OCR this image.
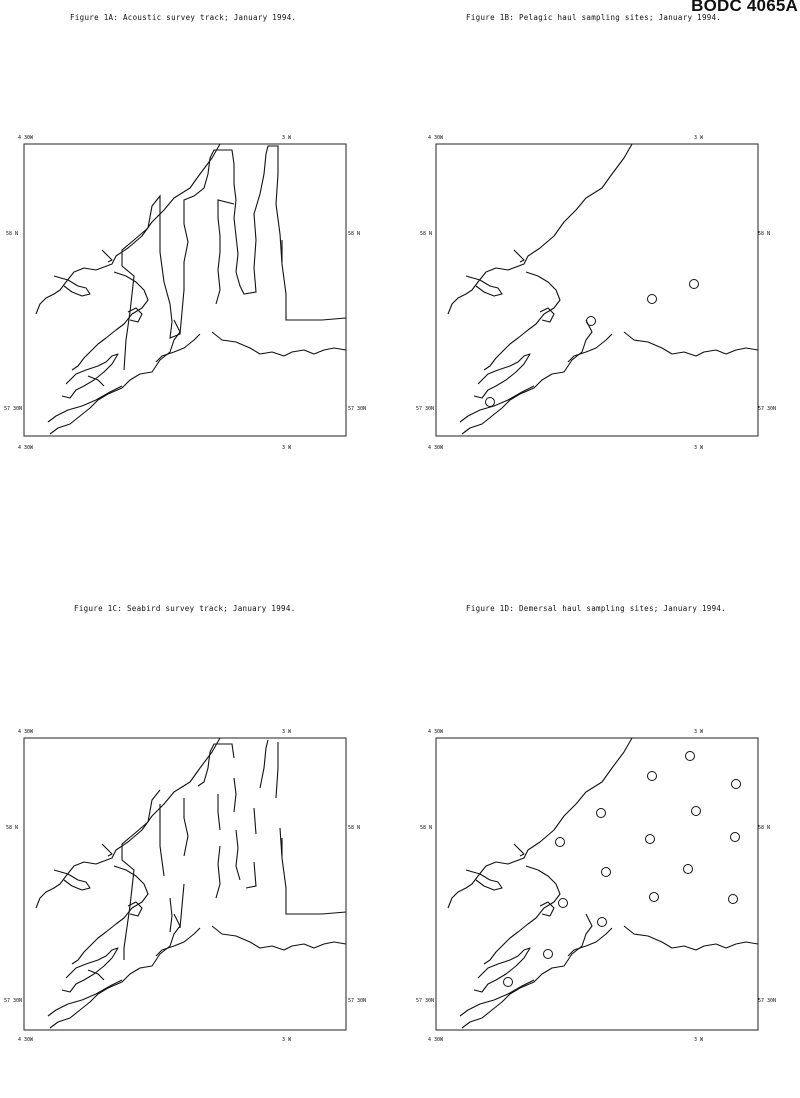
BODC 4065A
Figure 1A: Acoustic survey track; January 1994.	Figure 1B: Pelagic haul sampling sites; January 1994.
Figure 1C: Seabird survey track; January 1994.	Figure 1D: Demersal haul sampling sites; January 1994.
4 30W	3 W
58 N	58 N
57 30N	57 30N
4 30W	3 W
4 30W	3 W
58 N	58 N
57 30N	57 30N
4 30W	3 W
4 30W	3 W
58 N	58 N
57 30N	57 30N
4 30W	3 W
4 30W	3 W
58 N	58 N
57 30N	57 30N
4 30W	3 W
